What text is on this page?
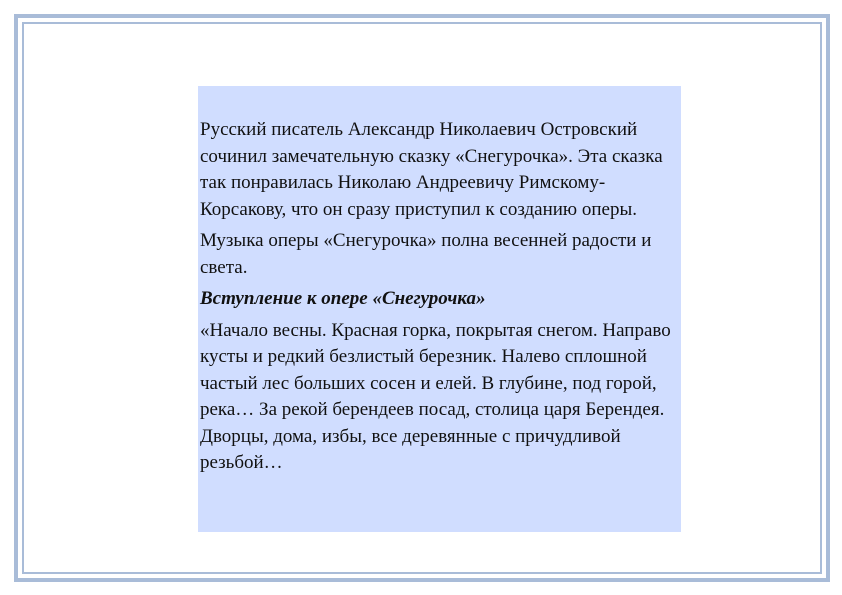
Русский писатель Александр Николаевич Островский сочинил замечательную сказку «Снегурочка». Эта сказка так понравилась Николаю Андреевичу Римскому-Корсакову, что он сразу приступил к созданию оперы.

Музыка оперы «Снегурочка» полна весенней радости и света.

Вступление к опере «Снегурочка»

«Начало весны. Красная горка, покрытая снегом. Направо кусты и редкий безлистый березник. Налево сплошной частый лес больших сосен и елей. В глубине, под горой, река… За рекой берендеев посад, столица царя Берендея. Дворцы, дома, избы, все деревянные с причудливой резьбой…
